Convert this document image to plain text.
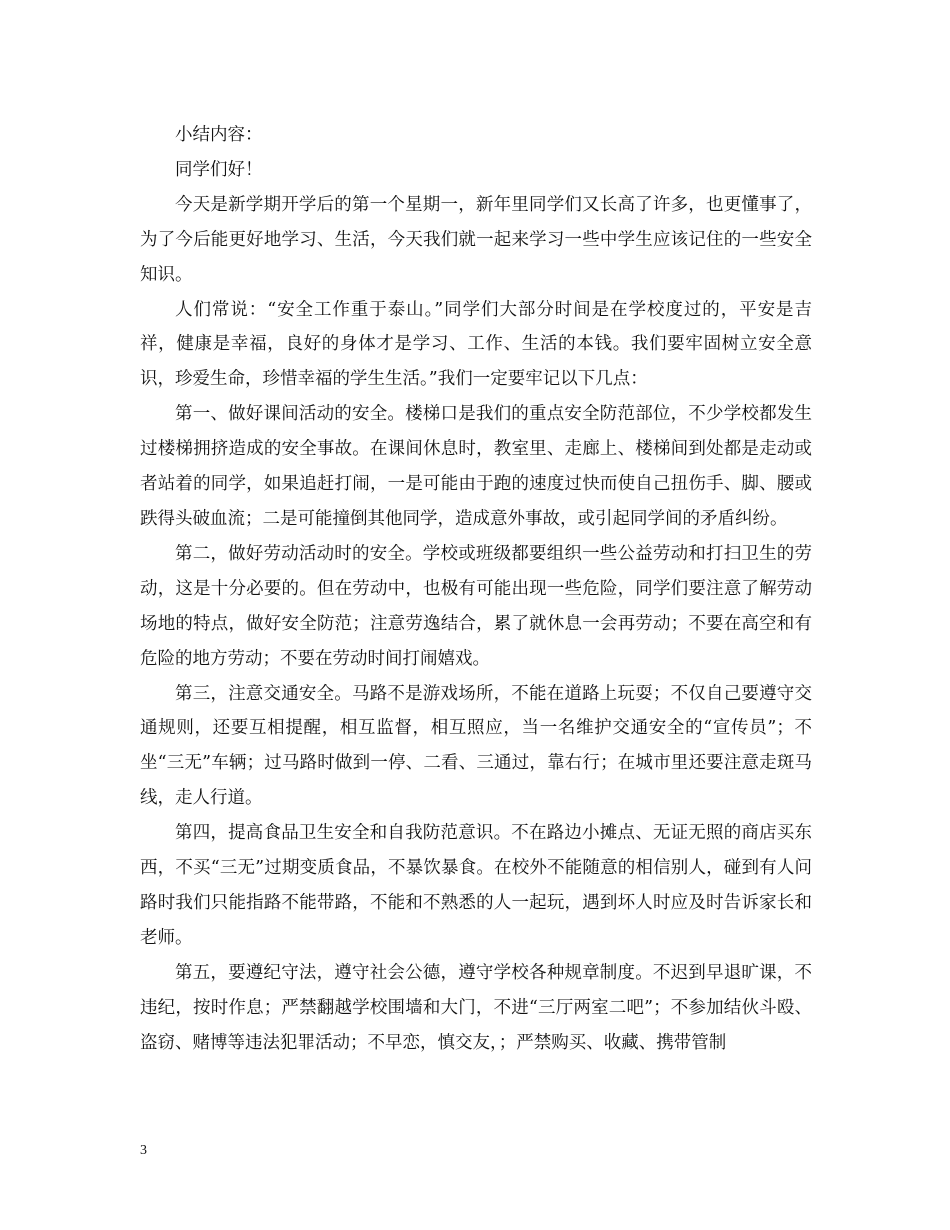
小结内容：

同学们好！

今天是新学期开学后的第一个星期一，新年里同学们又长高了许多，也更懂事了，为了今后能更好地学习、生活，今天我们就一起来学习一些中学生应该记住的一些安全知识。

人们常说：“安全工作重于泰山。”同学们大部分时间是在学校度过的，平安是吉祥，健康是幸福，良好的身体才是学习、工作、生活的本钱。我们要牢固树立安全意识，珍爱生命，珍惜幸福的学生生活。”我们一定要牢记以下几点：

第一、做好课间活动的安全。楼梯口是我们的重点安全防范部位，不少学校都发生过楼梯拥挤造成的安全事故。在课间休息时，教室里、走廊上、楼梯间到处都是走动或者站着的同学，如果追赶打闹，一是可能由于跑的速度过快而使自己扭伤手、脚、腰或跌得头破血流；二是可能撞倒其他同学，造成意外事故，或引起同学间的矛盾纠纷。

第二，做好劳动活动时的安全。学校或班级都要组织一些公益劳动和打扫卫生的劳动，这是十分必要的。但在劳动中，也极有可能出现一些危险，同学们要注意了解劳动场地的特点，做好安全防范；注意劳逸结合，累了就休息一会再劳动；不要在高空和有危险的地方劳动；不要在劳动时间打闹嬉戏。

第三，注意交通安全。马路不是游戏场所，不能在道路上玩耍；不仅自己要遵守交通规则，还要互相提醒，相互监督，相互照应，当一名维护交通安全的“宣传员”；不坐“三无”车辆；过马路时做到一停、二看、三通过，靠右行；在城市里还要注意走斑马线，走人行道。

第四，提高食品卫生安全和自我防范意识。不在路边小摊点、无证无照的商店买东西，不买“三无”过期变质食品，不暴饮暴食。在校外不能随意的相信别人，碰到有人问路时我们只能指路不能带路，不能和不熟悉的人一起玩，遇到坏人时应及时告诉家长和老师。

第五，要遵纪守法，遵守社会公德，遵守学校各种规章制度。不迟到早退旷课，不违纪，按时作息；严禁翻越学校围墙和大门，不进“三厅两室二吧”；不参加结伙斗殴、盗窃、赌博等违法犯罪活动；不早恋，慎交友，；严禁购买、收藏、携带管制

3
